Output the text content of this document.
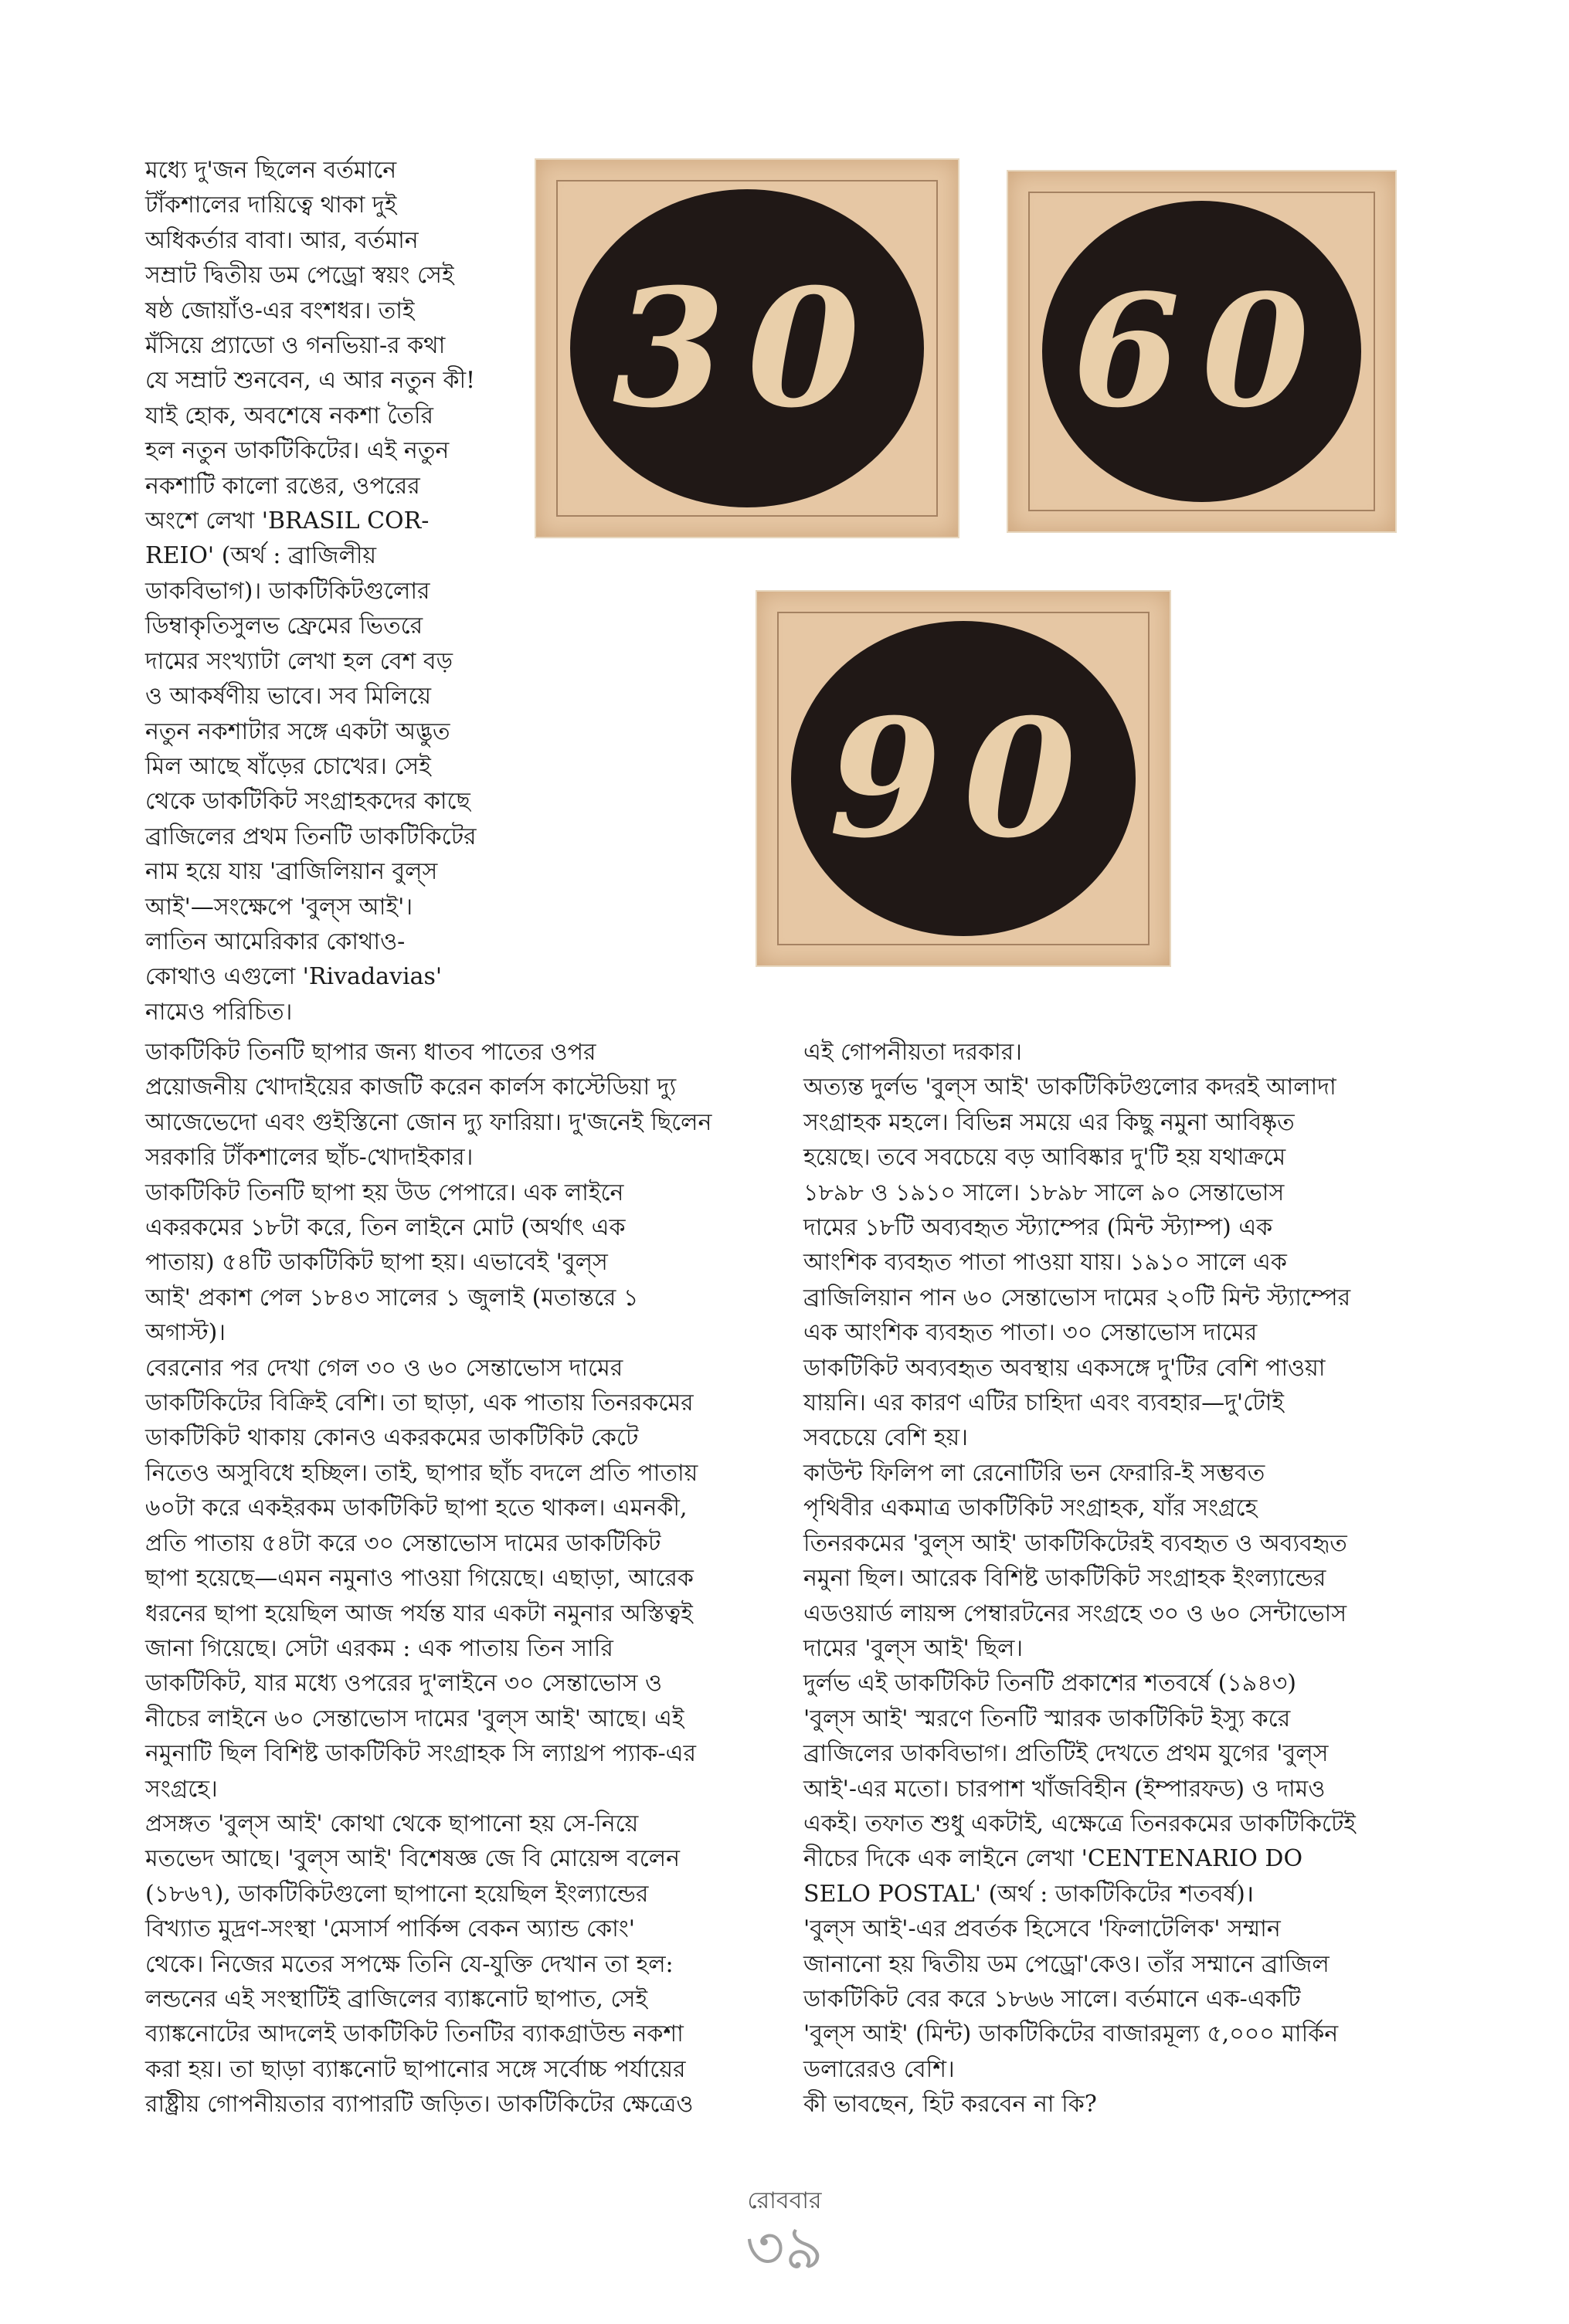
মধ্যে দু'জন ছিলেন বর্তমানে
টাঁকশালের দায়িত্বে থাকা দুই
অধিকর্তার বাবা। আর, বর্তমান
সম্রাট দ্বিতীয় ডম পেড্রো স্বয়ং সেই
ষষ্ঠ জোয়াঁও-এর বংশধর। তাই
মঁসিয়ে প্র্যাডো ও গনভিয়া-র কথা
যে সম্রাট শুনবেন, এ আর নতুন কী!
যাই হোক, অবশেষে নকশা তৈরি
হল নতুন ডাকটিকিটের। এই নতুন
নকশাটি কালো রঙের, ওপরের
অংশে লেখা 'BRASIL COR-
REIO' (অর্থ : ব্রাজিলীয়
ডাকবিভাগ)। ডাকটিকিটগুলোর
ডিম্বাকৃতিসুলভ ফ্রেমের ভিতরে
দামের সংখ্যাটা লেখা হল বেশ বড়
ও আকর্ষণীয় ভাবে। সব মিলিয়ে
নতুন নকশাটার সঙ্গে একটা অদ্ভুত
মিল আছে ষাঁড়ের চোখের। সেই
থেকে ডাকটিকিট সংগ্রাহকদের কাছে
ব্রাজিলের প্রথম তিনটি ডাকটিকিটের
নাম হয়ে যায় 'ব্রাজিলিয়ান বুল্‌স
আই'—সংক্ষেপে 'বুল্‌স আই'।
লাতিন আমেরিকার কোথাও-
কোথাও এগুলো 'Rivadavias'
নামেও পরিচিত।

30 60
90

ডাকটিকিট তিনটি ছাপার জন্য ধাতব পাতের ওপর
প্রয়োজনীয় খোদাইয়ের কাজটি করেন কার্লস কাস্টেডিয়া দ্যু
আজেভেদো এবং গুইস্তিনো জোন দ্যু ফারিয়া। দু'জনেই ছিলেন
সরকারি টাঁকশালের ছাঁচ-খোদাইকার।
ডাকটিকিট তিনটি ছাপা হয় উড পেপারে। এক লাইনে
একরকমের ১৮টা করে, তিন লাইনে মোট (অর্থাৎ এক
পাতায়) ৫৪টি ডাকটিকিট ছাপা হয়। এভাবেই 'বুল্‌স
আই' প্রকাশ পেল ১৮৪৩ সালের ১ জুলাই (মতান্তরে ১
অগাস্ট)।
বেরনোর পর দেখা গেল ৩০ ও ৬০ সেন্তাভোস দামের
ডাকটিকিটের বিক্রিই বেশি। তা ছাড়া, এক পাতায় তিনরকমের
ডাকটিকিট থাকায় কোনও একরকমের ডাকটিকিট কেটে
নিতেও অসুবিধে হচ্ছিল। তাই, ছাপার ছাঁচ বদলে প্রতি পাতায়
৬০টা করে একইরকম ডাকটিকিট ছাপা হতে থাকল। এমনকী,
প্রতি পাতায় ৫৪টা করে ৩০ সেন্তাভোস দামের ডাকটিকিট
ছাপা হয়েছে—এমন নমুনাও পাওয়া গিয়েছে। এছাড়া, আরেক
ধরনের ছাপা হয়েছিল আজ পর্যন্ত যার একটা নমুনার অস্তিত্বই
জানা গিয়েছে। সেটা এরকম : এক পাতায় তিন সারি
ডাকটিকিট, যার মধ্যে ওপরের দু'লাইনে ৩০ সেন্তাভোস ও
নীচের লাইনে ৬০ সেন্তাভোস দামের 'বুল্‌স আই' আছে। এই
নমুনাটি ছিল বিশিষ্ট ডাকটিকিট সংগ্রাহক সি ল্যাথ্রপ প্যাক-এর
সংগ্রহে।
প্রসঙ্গত 'বুল্‌স আই' কোথা থেকে ছাপানো হয় সে-নিয়ে
মতভেদ আছে। 'বুল্‌স আই' বিশেষজ্ঞ জে বি মোয়েন্স বলেন
(১৮৬৭), ডাকটিকিটগুলো ছাপানো হয়েছিল ইংল্যান্ডের
বিখ্যাত মুদ্রণ-সংস্থা 'মেসার্স পার্কিন্স বেকন অ্যান্ড কোং'
থেকে। নিজের মতের সপক্ষে তিনি যে-যুক্তি দেখান তা হল:
লন্ডনের এই সংস্থাটিই ব্রাজিলের ব্যাঙ্কনোট ছাপাত, সেই
ব্যাঙ্কনোটের আদলেই ডাকটিকিট তিনটির ব্যাকগ্রাউন্ড নকশা
করা হয়। তা ছাড়া ব্যাঙ্কনোট ছাপানোর সঙ্গে সর্বোচ্চ পর্যায়ের
রাষ্ট্রীয় গোপনীয়তার ব্যাপারটি জড়িত। ডাকটিকিটের ক্ষেত্রেও

এই গোপনীয়তা দরকার।
অত্যন্ত দুর্লভ 'বুল্‌স আই' ডাকটিকিটগুলোর কদরই আলাদা
সংগ্রাহক মহলে। বিভিন্ন সময়ে এর কিছু নমুনা আবিষ্কৃত
হয়েছে। তবে সবচেয়ে বড় আবিষ্কার দু'টি হয় যথাক্রমে
১৮৯৮ ও ১৯১০ সালে। ১৮৯৮ সালে ৯০ সেন্তাভোস
দামের ১৮টি অব্যবহৃত স্ট্যাম্পের (মিন্ট স্ট্যাম্প) এক
আংশিক ব্যবহৃত পাতা পাওয়া যায়। ১৯১০ সালে এক
ব্রাজিলিয়ান পান ৬০ সেন্তাভোস দামের ২০টি মিন্ট স্ট্যাম্পের
এক আংশিক ব্যবহৃত পাতা। ৩০ সেন্তাভোস দামের
ডাকটিকিট অব্যবহৃত অবস্থায় একসঙ্গে দু'টির বেশি পাওয়া
যায়নি। এর কারণ এটির চাহিদা এবং ব্যবহার—দু'টোই
সবচেয়ে বেশি হয়।
কাউন্ট ফিলিপ লা রেনোটিরি ভন ফেরারি-ই সম্ভবত
পৃথিবীর একমাত্র ডাকটিকিট সংগ্রাহক, যাঁর সংগ্রহে
তিনরকমের 'বুল্‌স আই' ডাকটিকিটেরই ব্যবহৃত ও অব্যবহৃত
নমুনা ছিল। আরেক বিশিষ্ট ডাকটিকিট সংগ্রাহক ইংল্যান্ডের
এডওয়ার্ড লায়ন্স পেম্বারটনের সংগ্রহে ৩০ ও ৬০ সেন্টাভোস
দামের 'বুল্‌স আই' ছিল।
দুর্লভ এই ডাকটিকিট তিনটি প্রকাশের শতবর্ষে (১৯৪৩)
'বুল্‌স আই' স্মরণে তিনটি স্মারক ডাকটিকিট ইস্যু করে
ব্রাজিলের ডাকবিভাগ। প্রতিটিই দেখতে প্রথম যুগের 'বুল্‌স
আই'-এর মতো। চারপাশ খাঁজবিহীন (ইম্পারফড) ও দামও
একই। তফাত শুধু একটাই, এক্ষেত্রে তিনরকমের ডাকটিকিটেই
নীচের দিকে এক লাইনে লেখা 'CENTENARIO DO
SELO POSTAL' (অর্থ : ডাকটিকিটের শতবর্ষ)।
'বুল্‌স আই'-এর প্রবর্তক হিসেবে 'ফিলাটেলিক' সম্মান
জানানো হয় দ্বিতীয় ডম পেড্রো'কেও। তাঁর সম্মানে ব্রাজিল
ডাকটিকিট বের করে ১৮৬৬ সালে। বর্তমানে এক-একটি
'বুল্‌স আই' (মিন্ট) ডাকটিকিটের বাজারমূল্য ৫,০০০ মার্কিন
ডলারেরও বেশি।
কী ভাবছেন, হিট করবেন না কি?

রোববার
৩৯
